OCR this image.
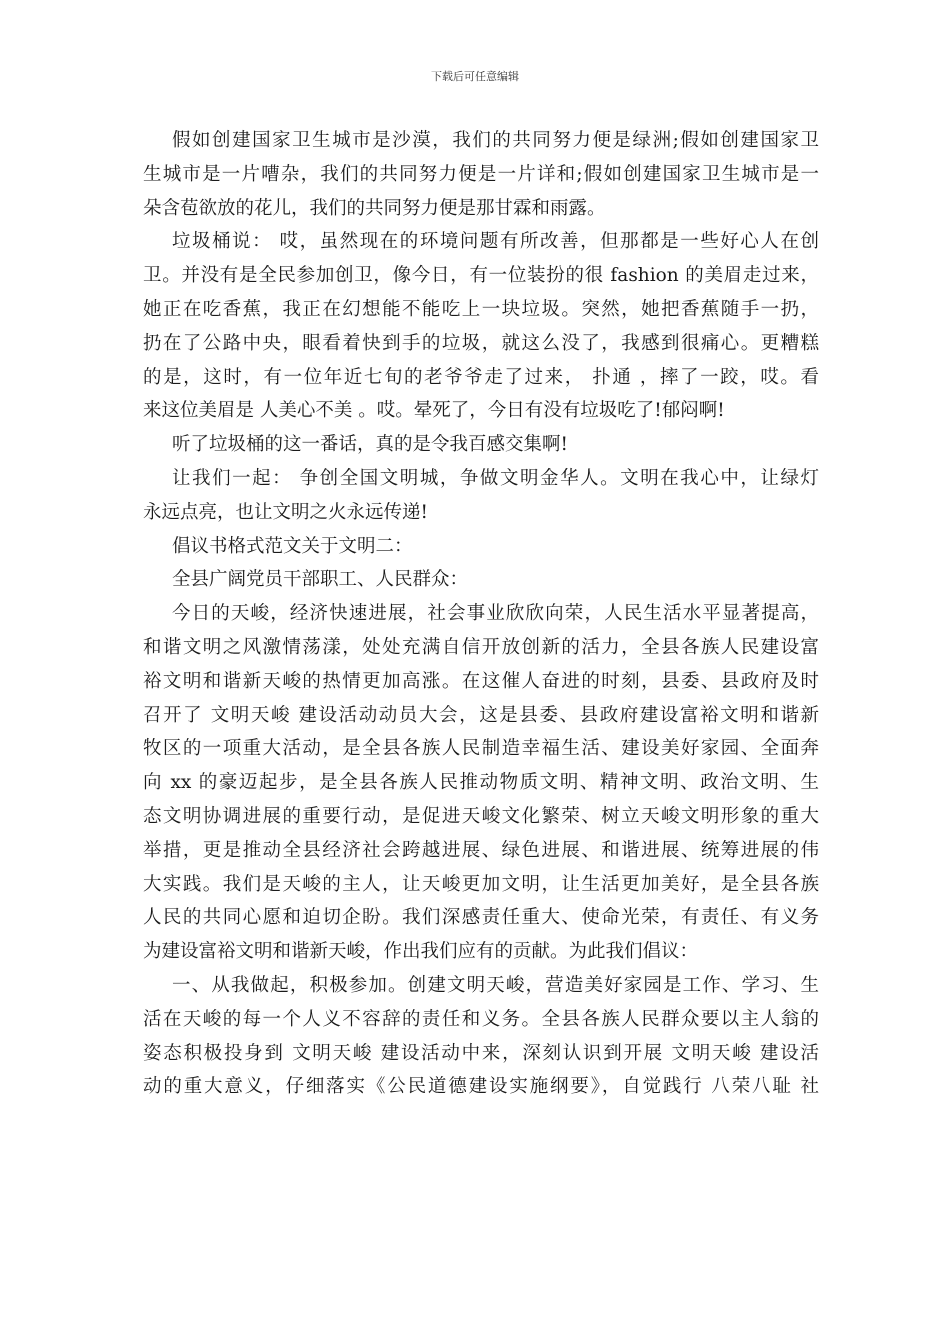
下载后可任意编辑
假如创建国家卫生城市是沙漠，我们的共同努力便是绿洲;假如创建国家卫
生城市是一片嘈杂，我们的共同努力便是一片详和;假如创建国家卫生城市是一
朵含苞欲放的花儿，我们的共同努力便是那甘霖和雨露。
垃圾桶说： 哎，虽然现在的环境问题有所改善，但那都是一些好心人在创
卫。并没有是全民参加创卫，像今日，有一位装扮的很 fashion 的美眉走过来，
她正在吃香蕉，我正在幻想能不能吃上一块垃圾。突然，她把香蕉随手一扔，
扔在了公路中央，眼看着快到手的垃圾，就这么没了，我感到很痛心。更糟糕
的是，这时，有一位年近七旬的老爷爷走了过来， 扑通 ，摔了一跤，哎。看
来这位美眉是 人美心不美 。哎。晕死了，今日有没有垃圾吃了!郁闷啊!
听了垃圾桶的这一番话，真的是令我百感交集啊!
让我们一起： 争创全国文明城，争做文明金华人。文明在我心中，让绿灯
永远点亮，也让文明之火永远传递!
倡议书格式范文关于文明二：
全县广阔党员干部职工、人民群众：
今日的天峻，经济快速进展，社会事业欣欣向荣，人民生活水平显著提高，
和谐文明之风激情荡漾，处处充满自信开放创新的活力，全县各族人民建设富
裕文明和谐新天峻的热情更加高涨。在这催人奋进的时刻，县委、县政府及时
召开了 文明天峻 建设活动动员大会，这是县委、县政府建设富裕文明和谐新
牧区的一项重大活动，是全县各族人民制造幸福生活、建设美好家园、全面奔
向 xx 的豪迈起步，是全县各族人民推动物质文明、精神文明、政治文明、生
态文明协调进展的重要行动，是促进天峻文化繁荣、树立天峻文明形象的重大
举措，更是推动全县经济社会跨越进展、绿色进展、和谐进展、统筹进展的伟
大实践。我们是天峻的主人，让天峻更加文明，让生活更加美好，是全县各族
人民的共同心愿和迫切企盼。我们深感责任重大、使命光荣，有责任、有义务
为建设富裕文明和谐新天峻，作出我们应有的贡献。为此我们倡议：
一、从我做起，积极参加。创建文明天峻，营造美好家园是工作、学习、生
活在天峻的每一个人义不容辞的责任和义务。全县各族人民群众要以主人翁的
姿态积极投身到 文明天峻 建设活动中来，深刻认识到开展 文明天峻 建设活
动的重大意义，仔细落实《公民道德建设实施纲要》，自觉践行 八荣八耻 社
